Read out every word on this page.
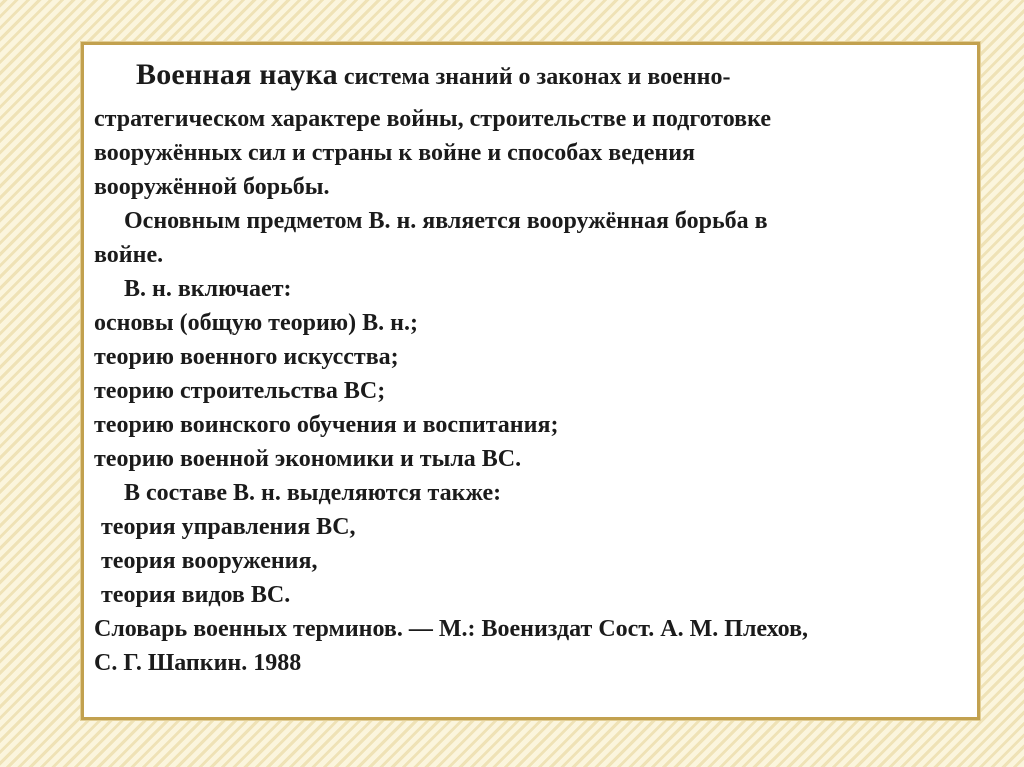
Военная наука система знаний о законах и военно-
стратегическом характере войны, строительстве и подготовке
вооружённых сил и страны к войне и способах ведения
вооружённой борьбы.
Основным предметом В. н. является вооружённая борьба в
войне.
В. н. включает:
основы (общую теорию) В. н.;
теорию военного искусства;
теорию строительства ВС;
теорию воинского обучения и воспитания;
теорию военной экономики и тыла ВС.
В составе В. н. выделяются также:
теория управления ВС,
теория вооружения,
теория видов ВС.
Словарь военных терминов. — М.: Воениздат Сост. А. М. Плехов,
С. Г. Шапкин. 1988
